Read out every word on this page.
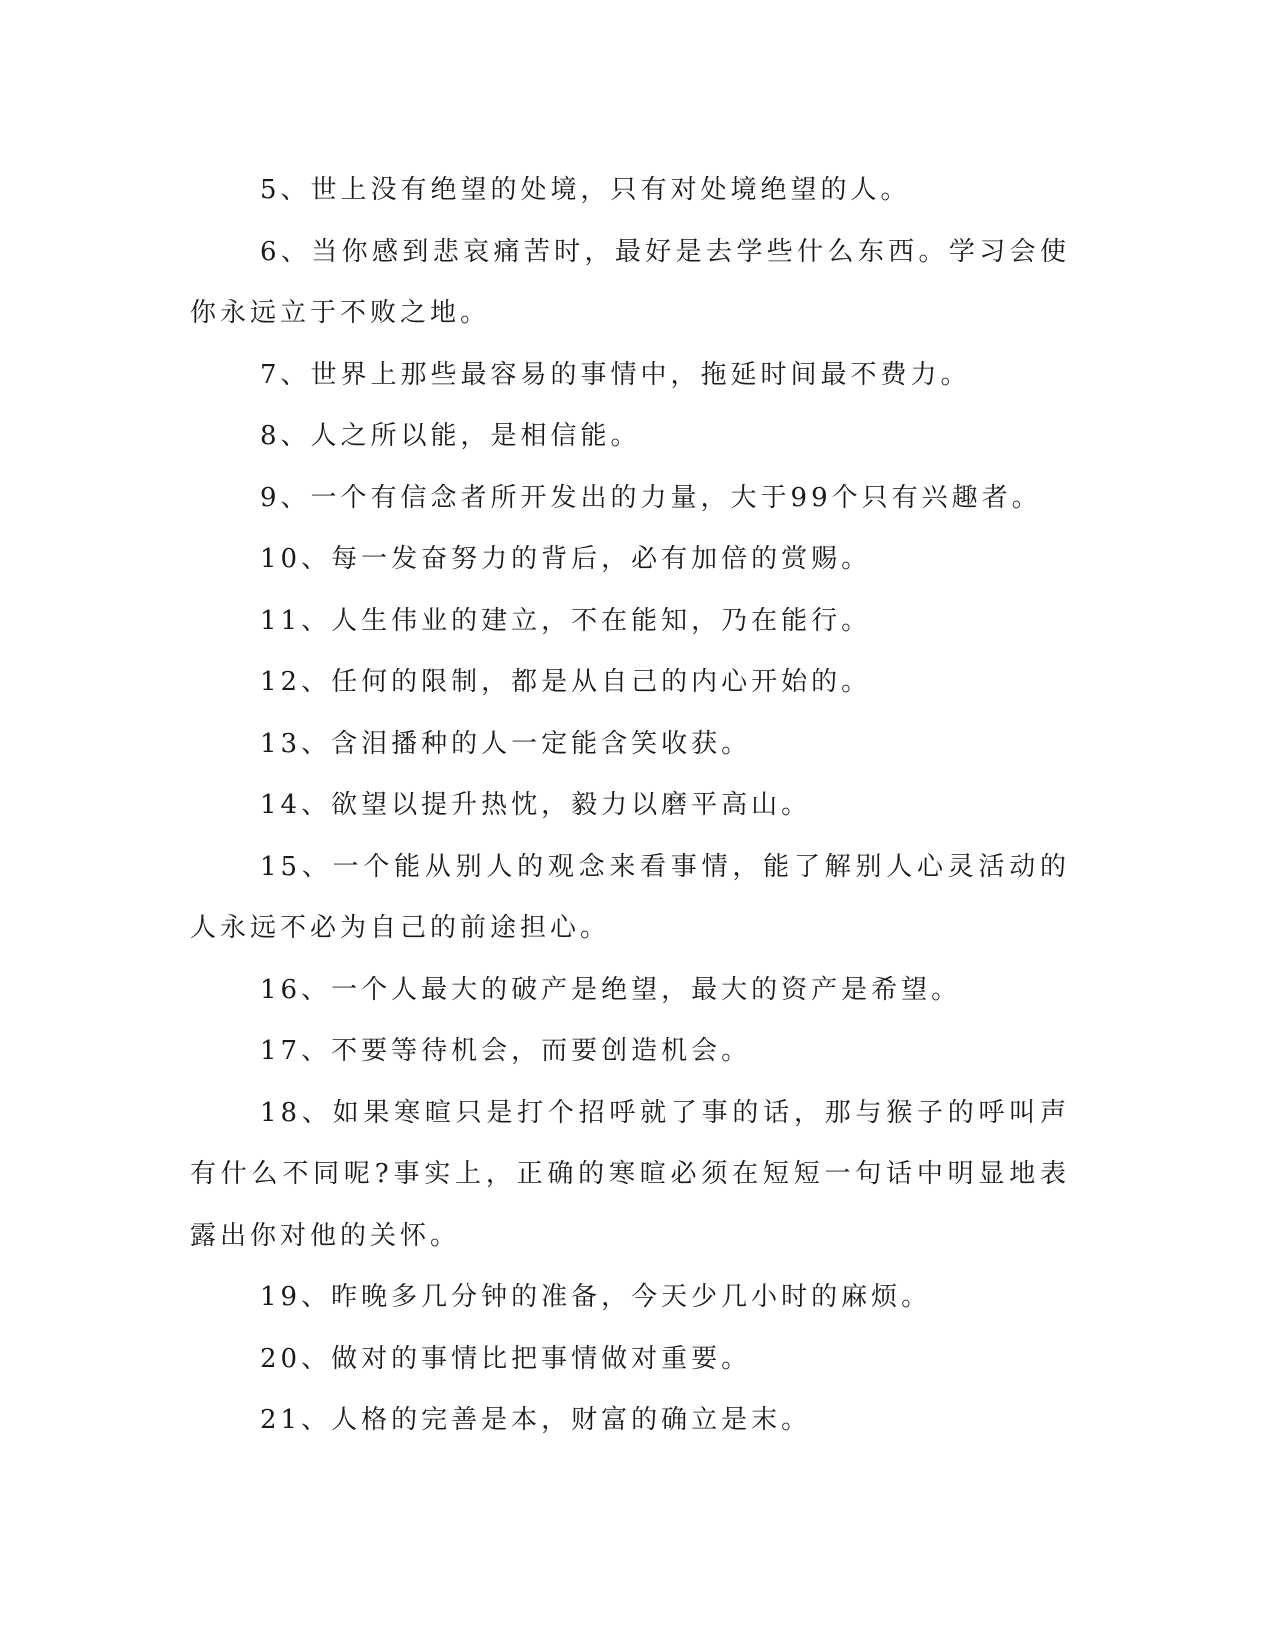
5、世上没有绝望的处境，只有对处境绝望的人。

6、当你感到悲哀痛苦时，最好是去学些什么东西。学习会使你永远立于不败之地。

7、世界上那些最容易的事情中，拖延时间最不费力。

8、人之所以能，是相信能。

9、一个有信念者所开发出的力量，大于99个只有兴趣者。

10、每一发奋努力的背后，必有加倍的赏赐。

11、人生伟业的建立，不在能知，乃在能行。

12、任何的限制，都是从自己的内心开始的。

13、含泪播种的人一定能含笑收获。

14、欲望以提升热忱，毅力以磨平高山。

15、一个能从别人的观念来看事情，能了解别人心灵活动的人永远不必为自己的前途担心。

16、一个人最大的破产是绝望，最大的资产是希望。

17、不要等待机会，而要创造机会。

18、如果寒暄只是打个招呼就了事的话，那与猴子的呼叫声有什么不同呢?事实上，正确的寒暄必须在短短一句话中明显地表露出你对他的关怀。

19、昨晚多几分钟的准备，今天少几小时的麻烦。

20、做对的事情比把事情做对重要。

21、人格的完善是本，财富的确立是末。
